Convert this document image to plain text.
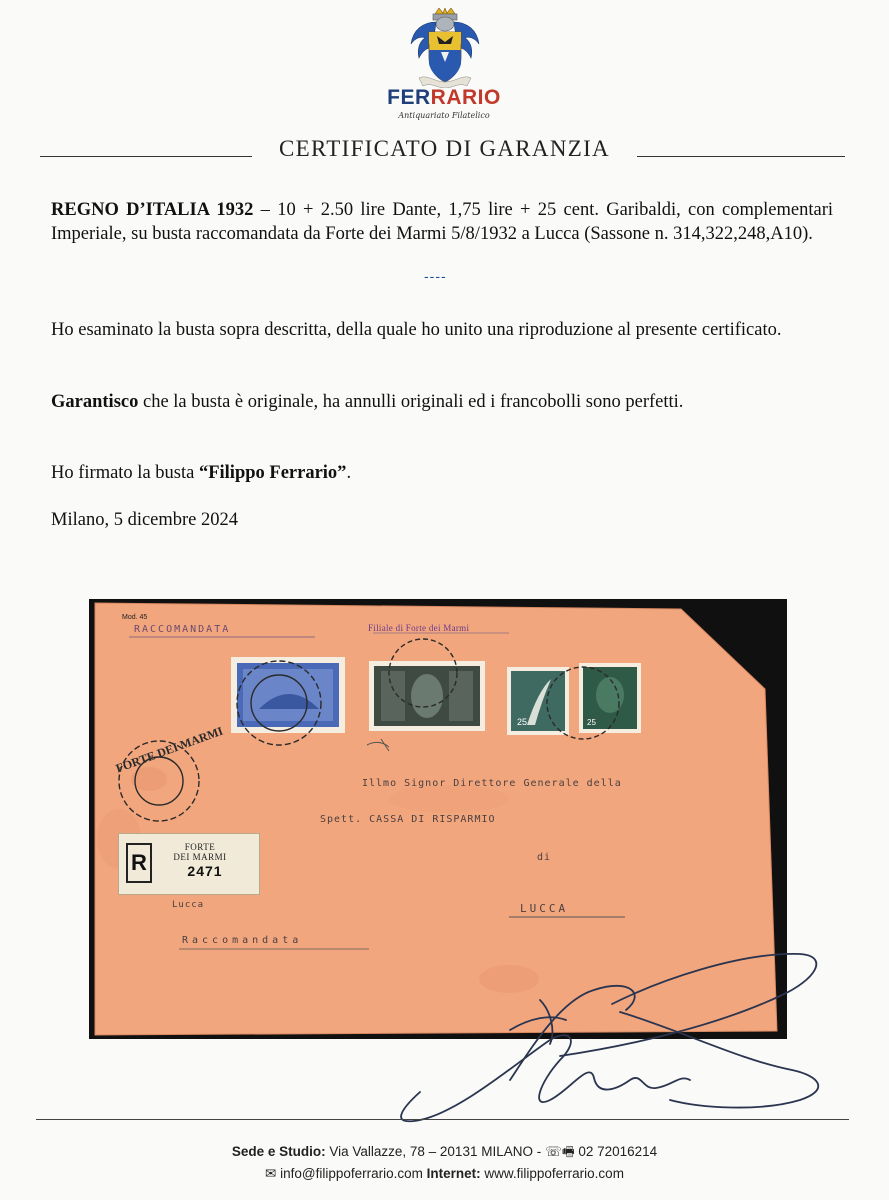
FERRARIO
Antiquariato Filatelico
CERTIFICATO DI GARANZIA

REGNO D’ITALIA 1932 – 10 + 2.50 lire Dante, 1,75 lire + 25 cent. Garibaldi, con complementari Imperiale, su busta raccomandata da Forte dei Marmi 5/8/1932 a Lucca (Sassone n. 314,322,248,A10).

----

Ho esaminato la busta sopra descritta, della quale ho unito una riproduzione al presente certificato.

Garantisco che la busta è originale, ha annulli originali ed i francobolli sono perfetti.

Ho firmato la busta “Filippo Ferrario”.

Milano, 5 dicembre 2024

25	25
FORTE DEI MARMI
Mod. 45
RACCOMANDATA	Filiale di Forte dei Marmi
Illmo Signor Direttore Generale della
Spett. CASSA DI RISPARMIO
di
Lucca	LUCCA
Raccomandata
R
FORTE
DEI MARMI
2471
Sede e Studio: Via Vallazze, 78 – 20131 MILANO - ☏🖷 02 72016214
✉ info@filippoferrario.com Internet: www.filippoferrario.com
